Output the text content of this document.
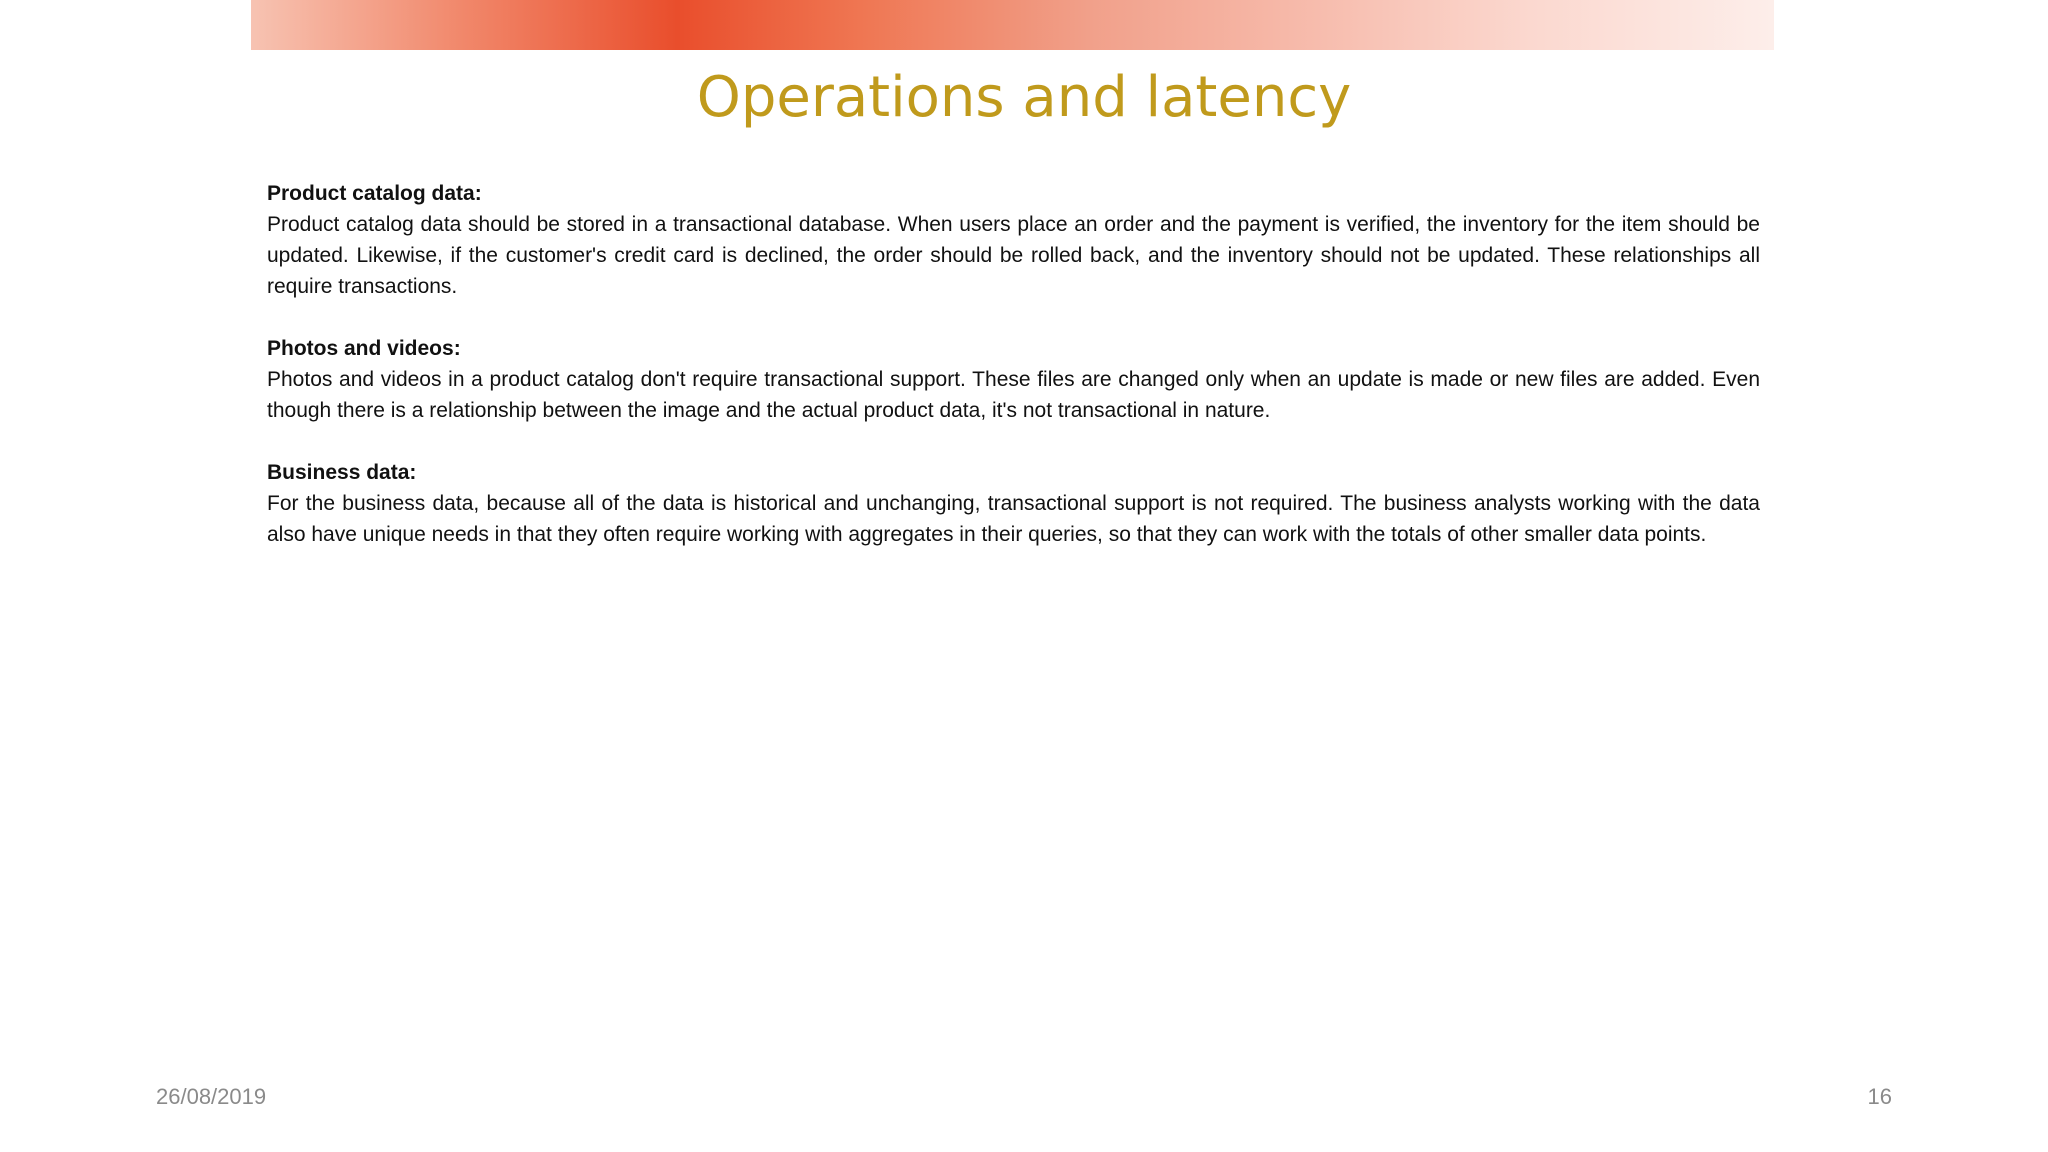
Operations and latency
Product catalog data:
Product catalog data should be stored in a transactional database. When users place an order and the payment is verified, the inventory for the item should be updated. Likewise, if the customer's credit card is declined, the order should be rolled back, and the inventory should not be updated. These relationships all require transactions.
Photos and videos:
Photos and videos in a product catalog don't require transactional support. These files are changed only when an update is made or new files are added. Even though there is a relationship between the image and the actual product data, it's not transactional in nature.
Business data:
For the business data, because all of the data is historical and unchanging, transactional support is not required. The business analysts working with the data also have unique needs in that they often require working with aggregates in their queries, so that they can work with the totals of other smaller data points.
26/08/2019	16
